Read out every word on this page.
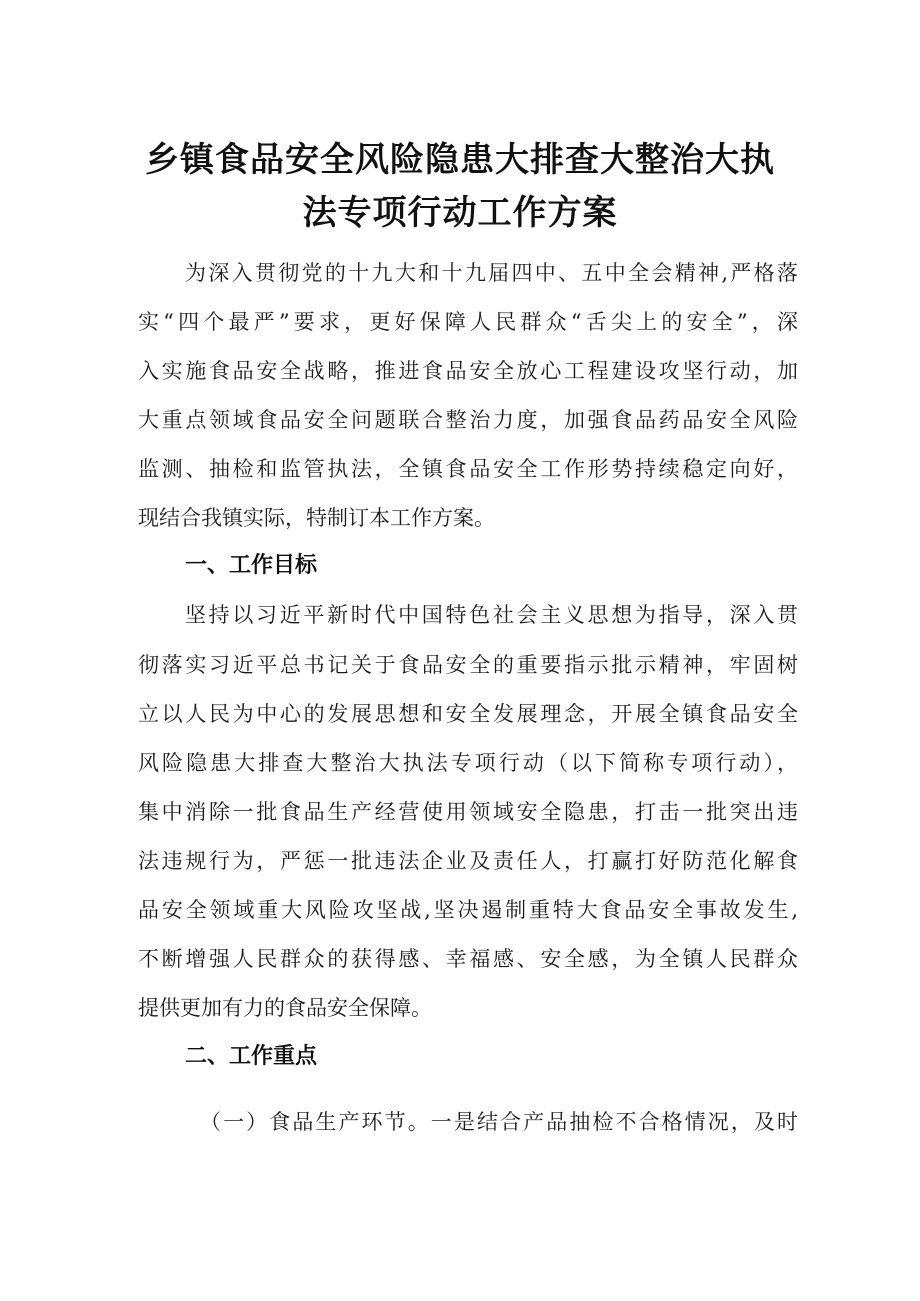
乡镇食品安全风险隐患大排查大整治大执
法专项行动工作方案
为深入贯彻党的十九大和十九届四中、五中全会精神,严格落
实“四个最严”要求，更好保障人民群众“舌尖上的安全”，深
入实施食品安全战略，推进食品安全放心工程建设攻坚行动，加
大重点领域食品安全问题联合整治力度，加强食品药品安全风险
监测、抽检和监管执法，全镇食品安全工作形势持续稳定向好，
现结合我镇实际，特制订本工作方案。
一、工作目标
坚持以习近平新时代中国特色社会主义思想为指导，深入贯
彻落实习近平总书记关于食品安全的重要指示批示精神，牢固树
立以人民为中心的发展思想和安全发展理念，开展全镇食品安全
风险隐患大排查大整治大执法专项行动（以下简称专项行动），
集中消除一批食品生产经营使用领域安全隐患，打击一批突出违
法违规行为，严惩一批违法企业及责任人，打赢打好防范化解食
品安全领域重大风险攻坚战,坚决遏制重特大食品安全事故发生,
不断增强人民群众的获得感、幸福感、安全感，为全镇人民群众
提供更加有力的食品安全保障。
二、工作重点
（一）食品生产环节。一是结合产品抽检不合格情况，及时
